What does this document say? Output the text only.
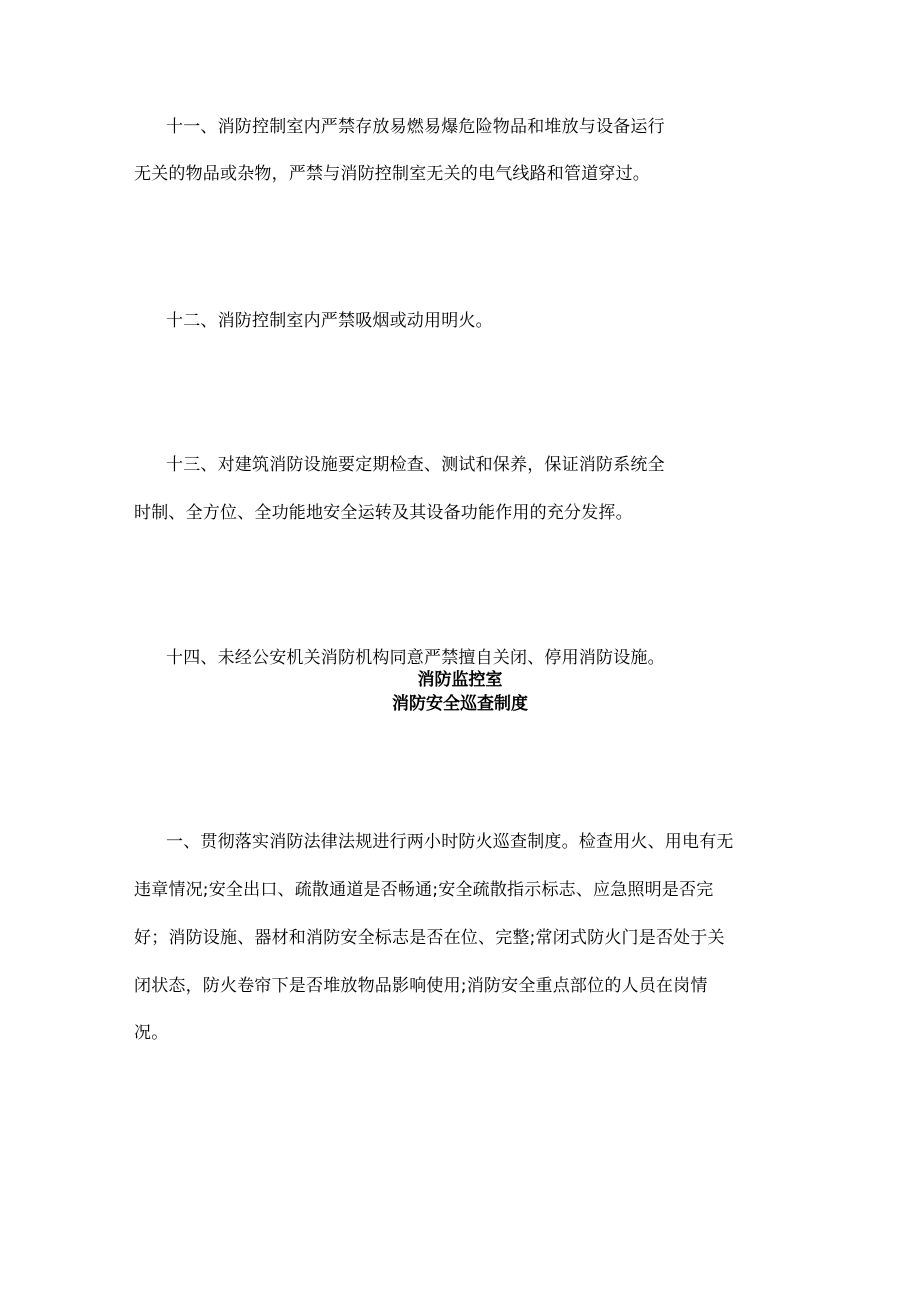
十一、消防控制室内严禁存放易燃易爆危险物品和堆放与设备运行
无关的物品或杂物，严禁与消防控制室无关的电气线路和管道穿过。
十二、消防控制室内严禁吸烟或动用明火。
十三、对建筑消防设施要定期检查、测试和保养，保证消防系统全
时制、全方位、全功能地安全运转及其设备功能作用的充分发挥。
十四、未经公安机关消防机构同意严禁擅自关闭、停用消防设施。
消防监控室
消防安全巡查制度
一、贯彻落实消防法律法规进行两小时防火巡查制度。检查用火、用电有无
违章情况;安全出口、疏散通道是否畅通;安全疏散指示标志、应急照明是否完
好；消防设施、器材和消防安全标志是否在位、完整;常闭式防火门是否处于关
闭状态，防火卷帘下是否堆放物品影响使用;消防安全重点部位的人员在岗情
况。
